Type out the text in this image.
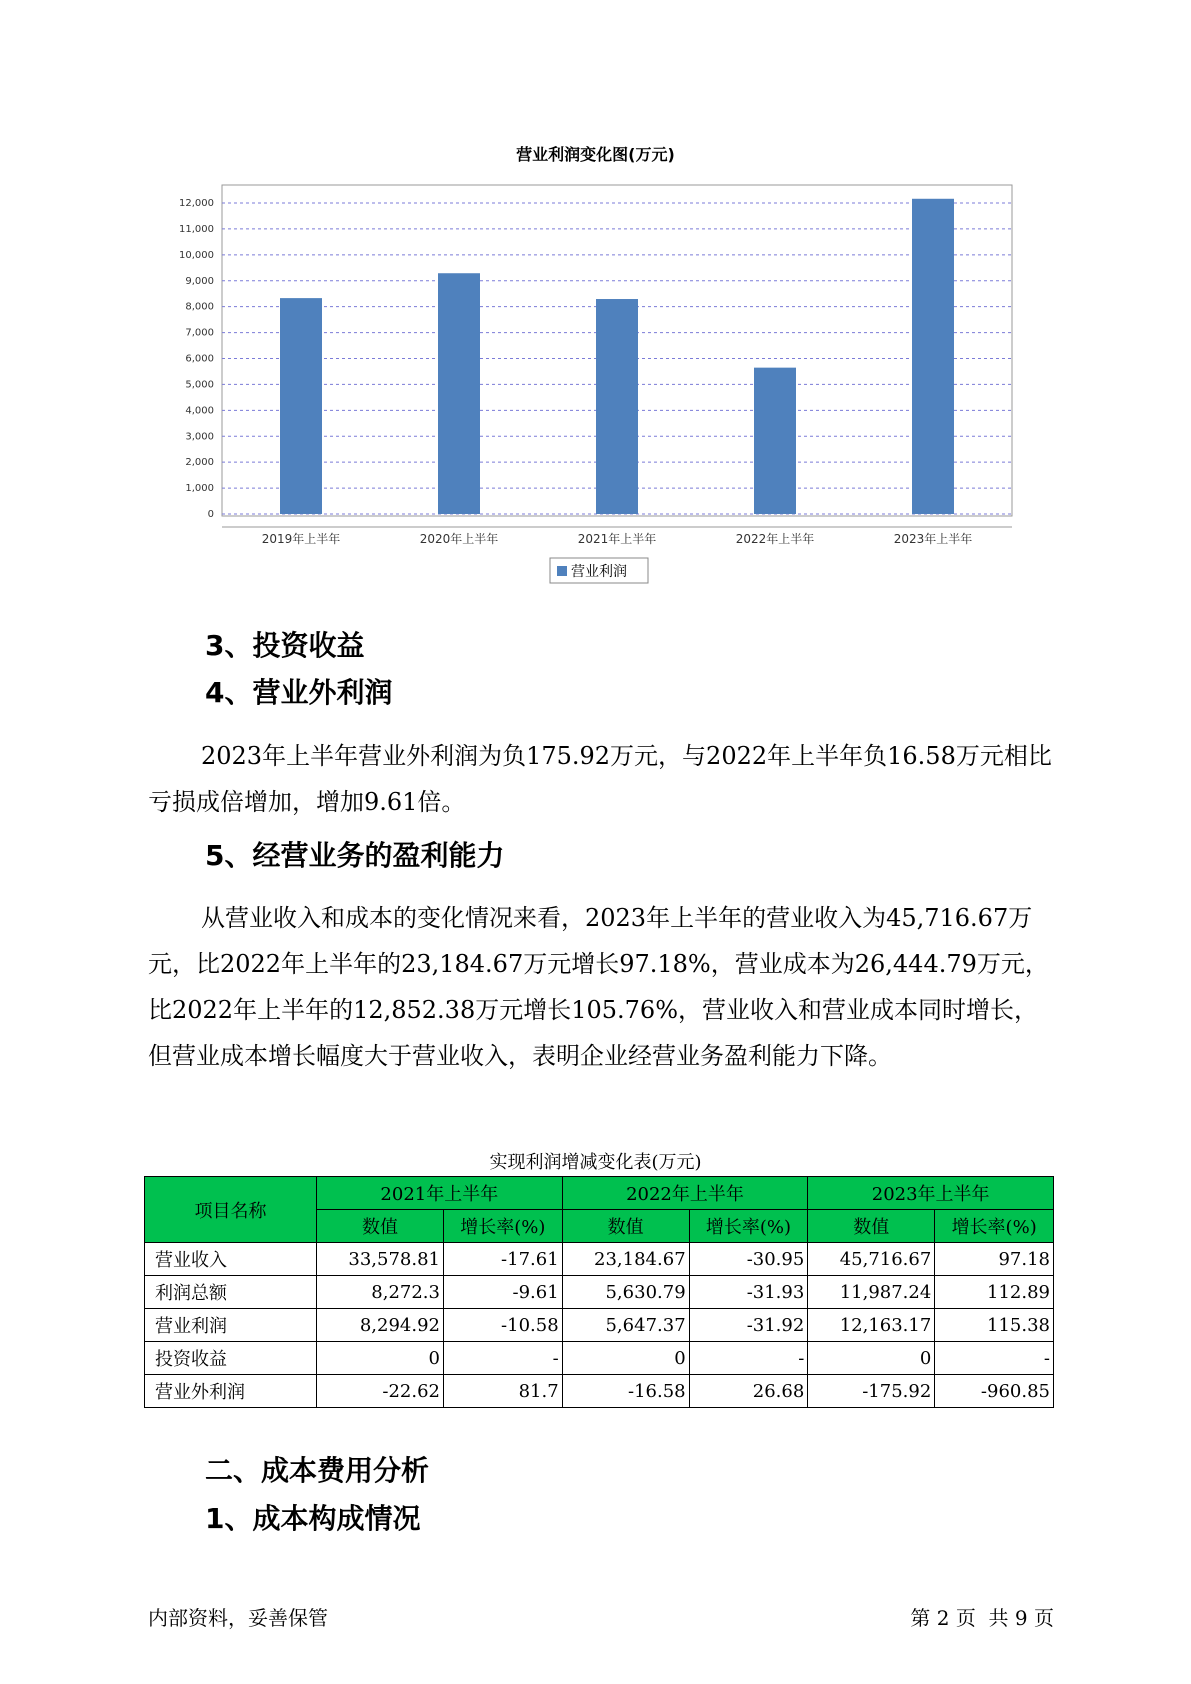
营业利润变化图(万元)
0
1,000
2,000
3,000
4,000
5,000
6,000
7,000
8,000
9,000
10,000
11,000
12,000
2019年上半年	2020年上半年	2021年上半年	2022年上半年	2023年上半年
营业利润
3、投资收益
4、营业外利润

2023年上半年营业外利润为负175.92万元，与2022年上半年负16.58万元相比亏损成倍增加，增加9.61倍。

5、经营业务的盈利能力

从营业收入和成本的变化情况来看，2023年上半年的营业收入为45,716.67万元，比2022年上半年的23,184.67万元增长97.18%，营业成本为26,444.79万元，比2022年上半年的12,852.38万元增长105.76%，营业收入和营业成本同时增长，但营业成本增长幅度大于营业收入，表明企业经营业务盈利能力下降。

实现利润增减变化表(万元)
项目名称	2021年上半年		2022年上半年		2023年上半年	
	数值	增长率(%)	数值	增长率(%)	数值	增长率(%)
营业收入	33,578.81	-17.61	23,184.67	-30.95	45,716.67	97.18
利润总额	8,272.3	-9.61	5,630.79	-31.93	11,987.24	112.89
营业利润	8,294.92	-10.58	5,647.37	-31.92	12,163.17	115.38
投资收益	0	-	0	-	0	-
营业外利润	-22.62	81.7	-16.58	26.68	-175.92	-960.85
二、成本费用分析
1、成本构成情况
内部资料，妥善保管	第 2 页  共 9 页
